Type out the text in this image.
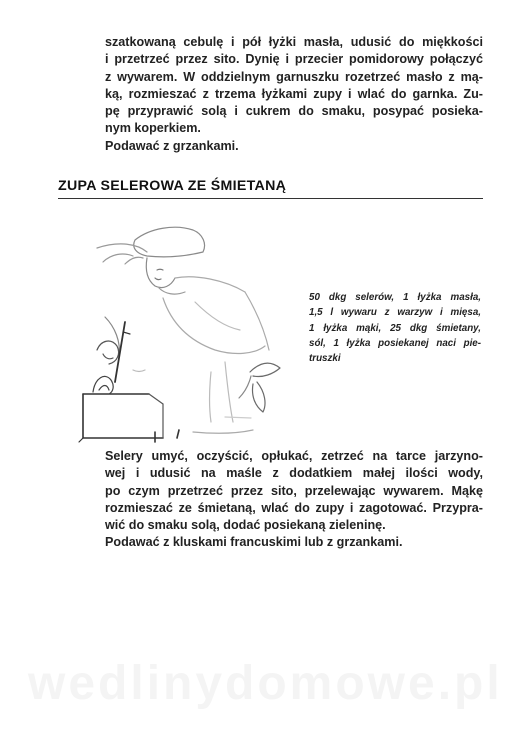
szatkowaną cebulę i pół łyżki masła, udusić do miękkości
i przetrzeć przez sito. Dynię i przecier pomidorowy połączyć
z wywarem. W oddzielnym garnuszku rozetrzeć masło z mą-
ką, rozmieszać z trzema łyżkami zupy i wlać do garnka. Zu-
pę przyprawić solą i cukrem do smaku, posypać posieka-
nym koperkiem.
Podawać z grzankami.
ZUPA SELEROWA ZE ŚMIETANĄ
50 dkg selerów, 1 łyżka masła,
1,5 l wywaru z warzyw i mięsa,
1 łyżka mąki, 25 dkg śmietany,
sól, 1 łyżka posiekanej naci pie-
truszki
Selery umyć, oczyścić, opłukać, zetrzeć na tarce jarzyno-
wej i udusić na maśle z dodatkiem małej ilości wody,
po czym przetrzeć przez sito, przelewając wywarem. Mąkę
rozmieszać ze śmietaną, wlać do zupy i zagotować. Przypra-
wić do smaku solą, dodać posiekaną zieleninę.
Podawać z kluskami francuskimi lub z grzankami.
wedlinydomowe.pl
